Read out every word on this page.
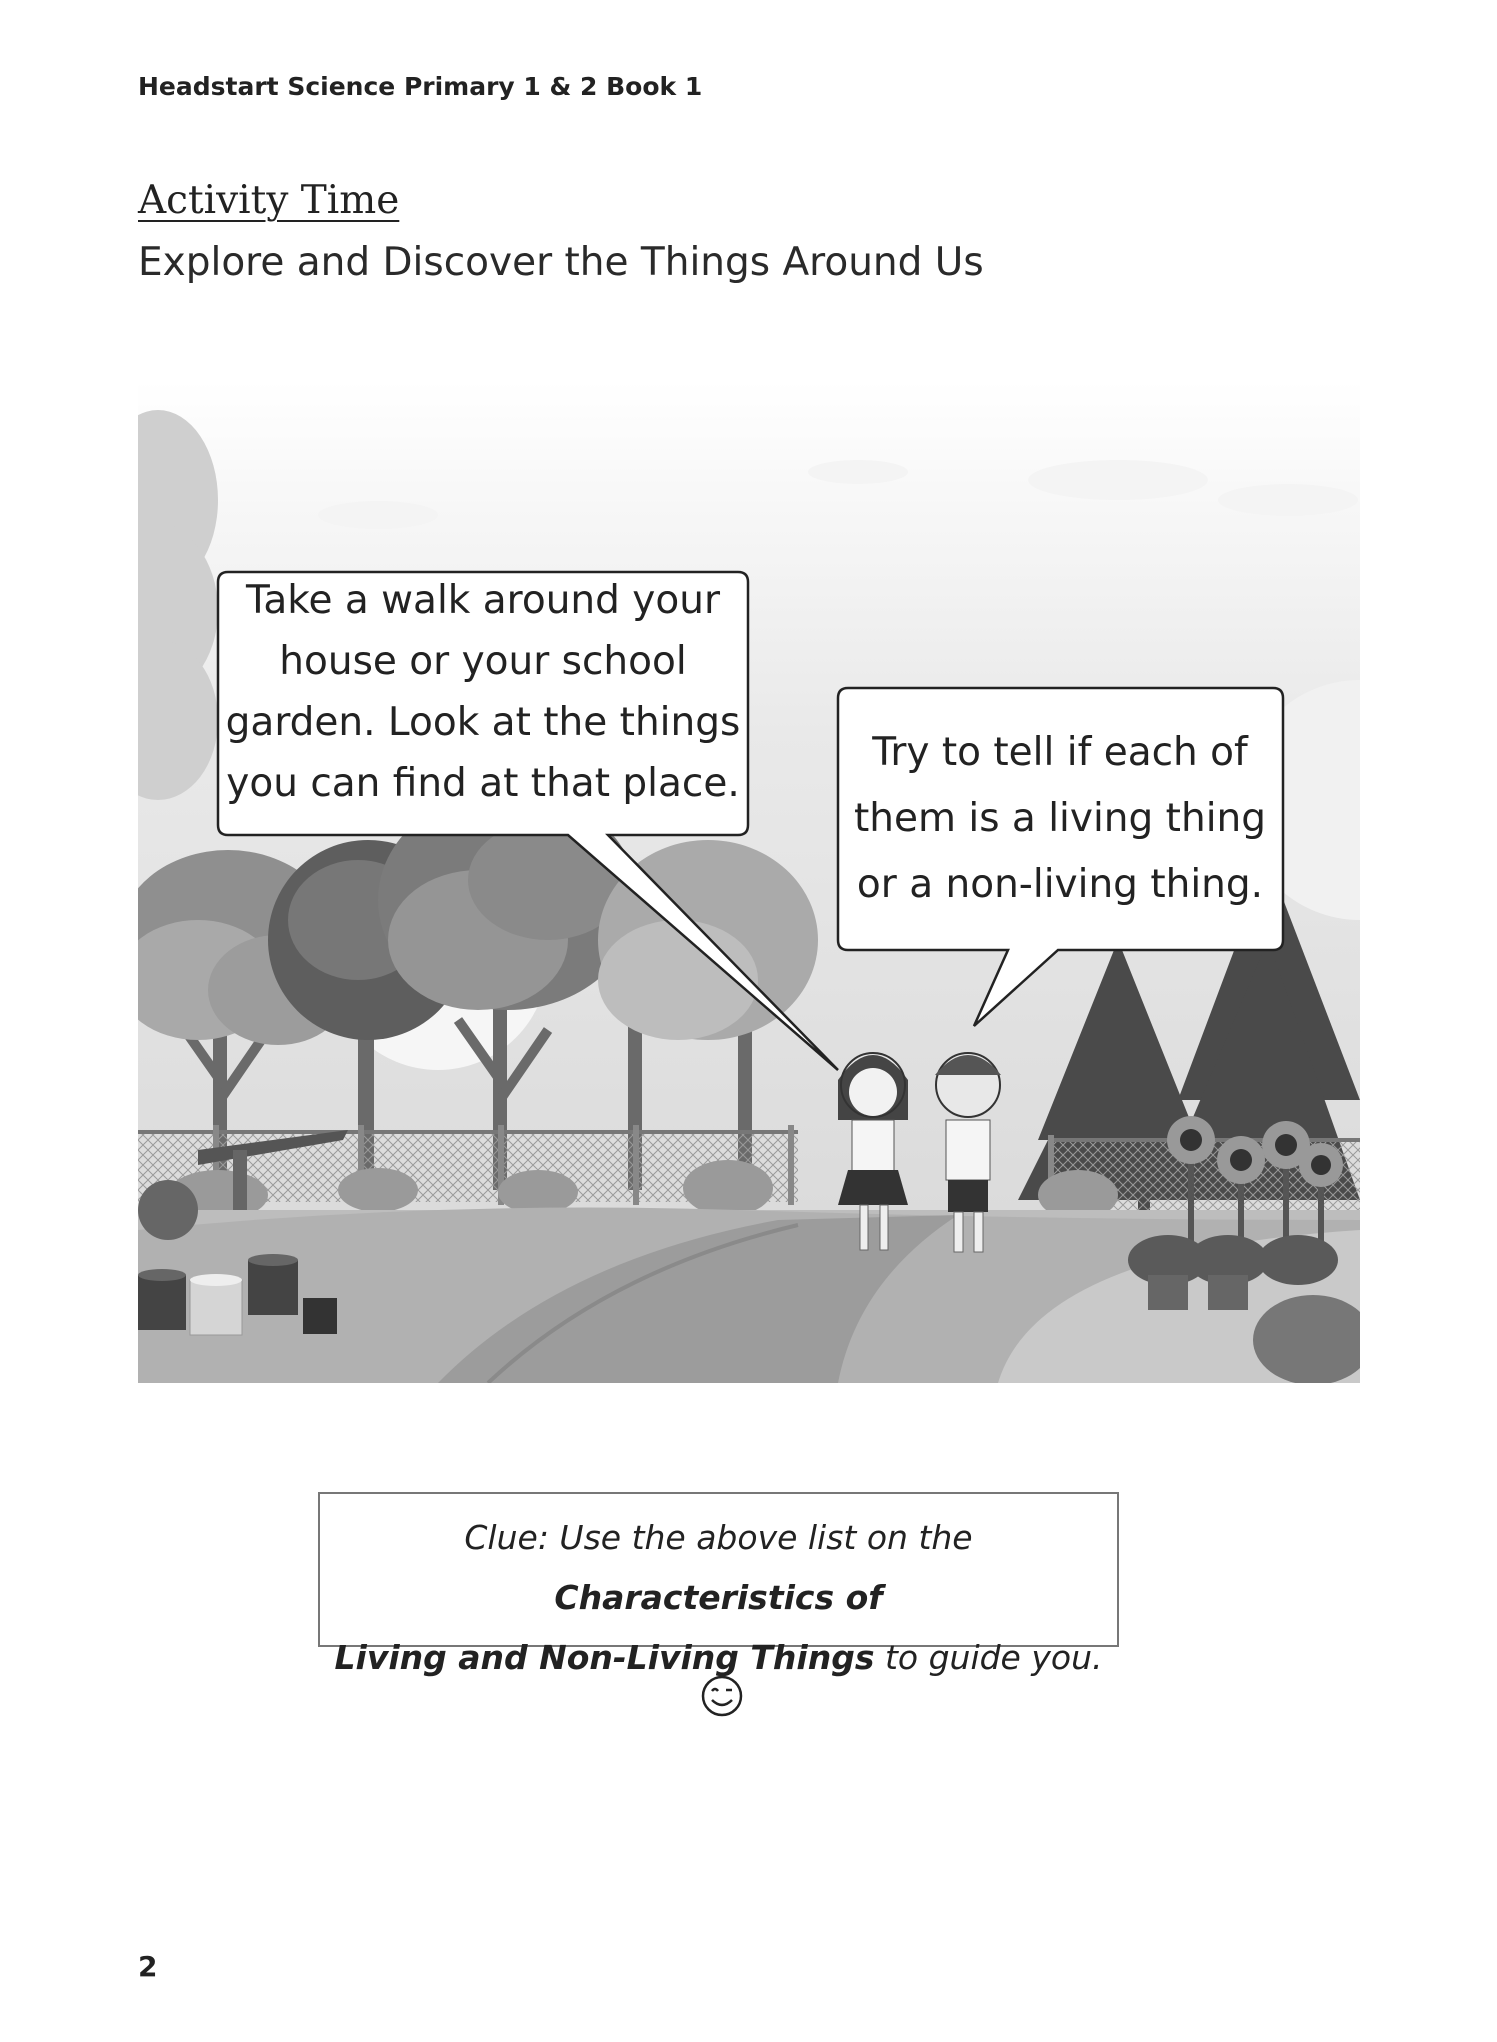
Headstart Science Primary 1 & 2 Book 1
Activity Time
Explore and Discover the Things Around Us
Take a walk around your
house or your school
garden. Look at the things
you can find at that place.
Try to tell if each of
them is a living thing
or a non-living thing.
Clue: Use the above list on the Characteristics of
Living and Non-Living Things to guide you.
2
